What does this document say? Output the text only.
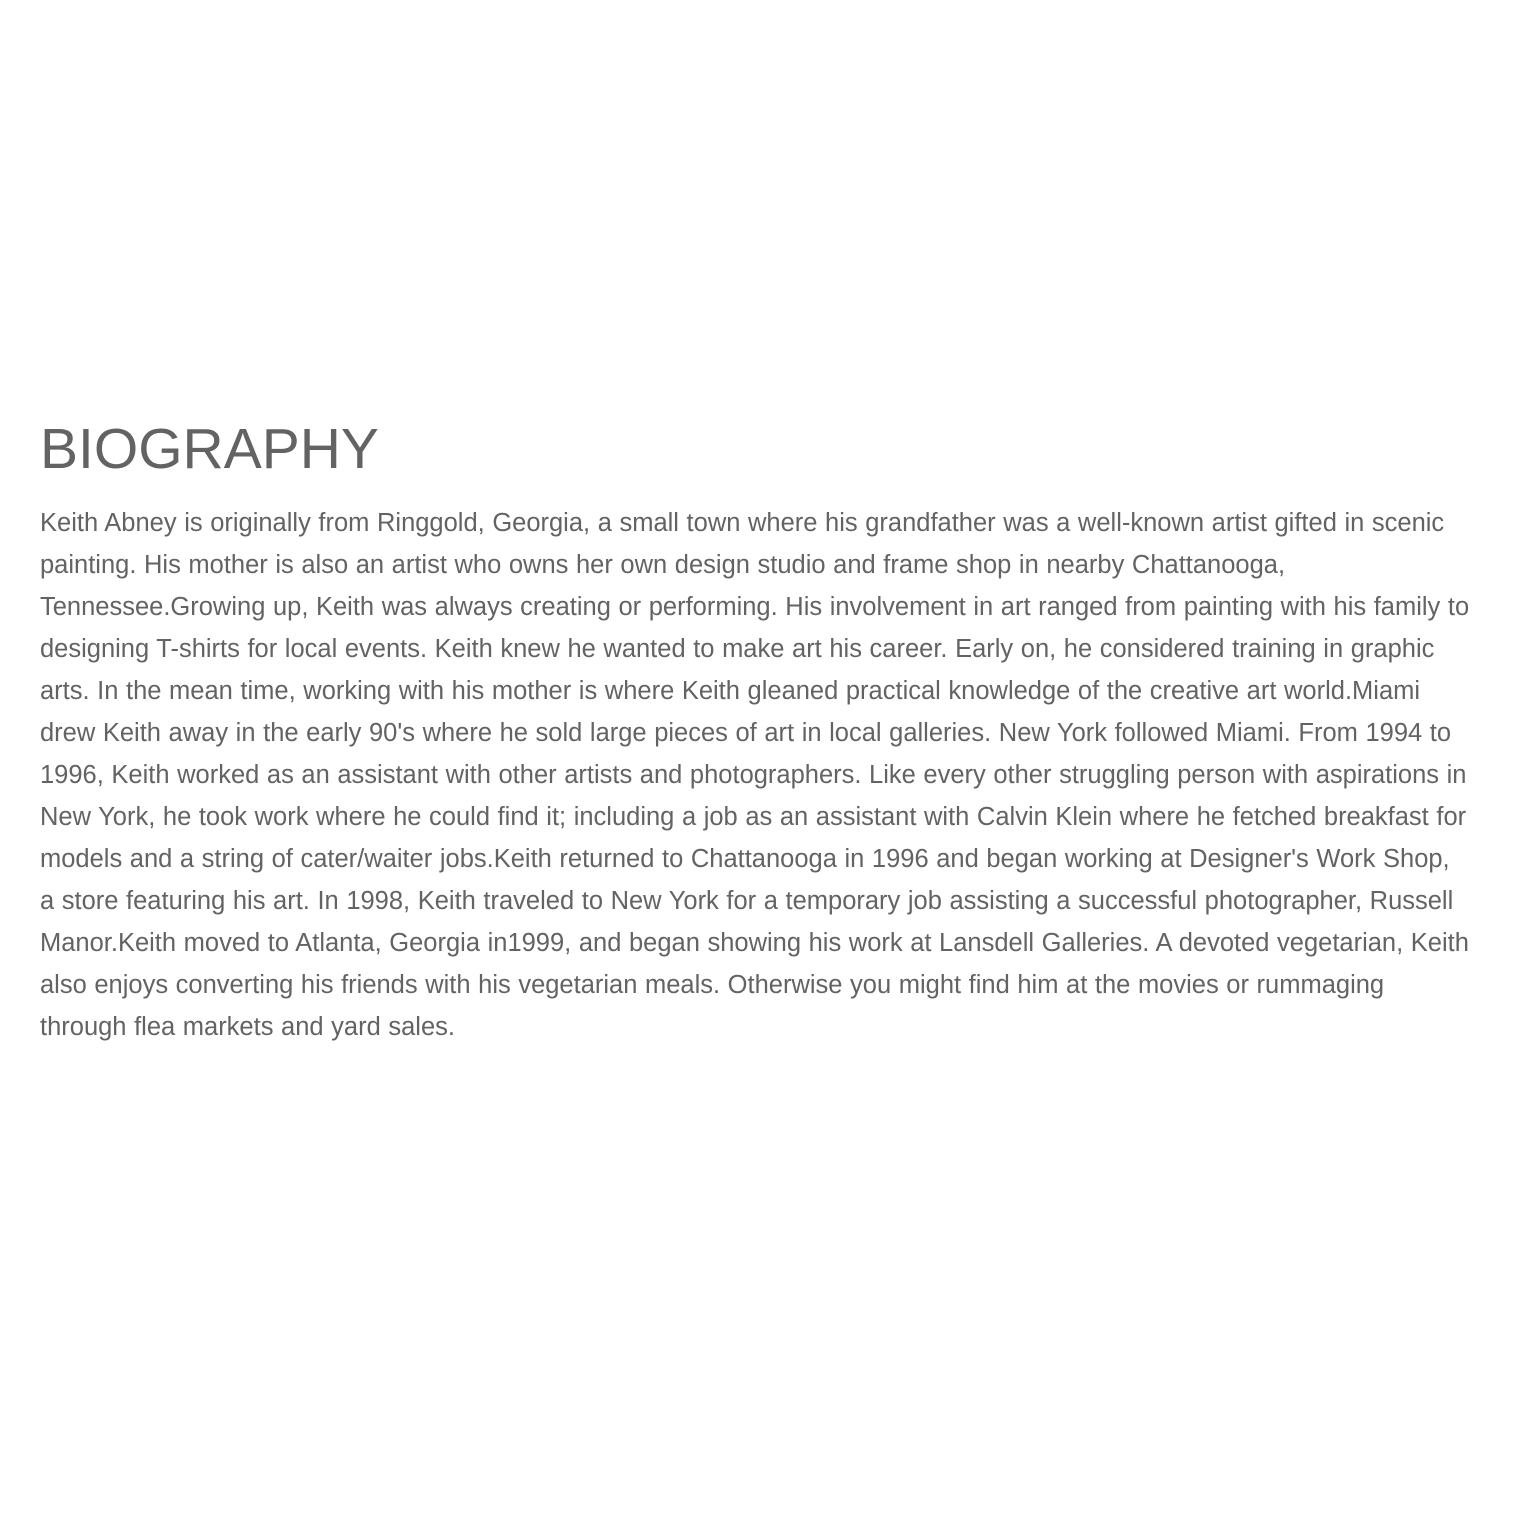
BIOGRAPHY

Keith Abney is originally from Ringgold, Georgia, a small town where his grandfather was a well-known artist gifted in scenic painting. His mother is also an artist who owns her own design studio and frame shop in nearby Chattanooga, Tennessee.Growing up, Keith was always creating or performing. His involvement in art ranged from painting with his family to designing T-shirts for local events. Keith knew he wanted to make art his career. Early on, he considered training in graphic arts. In the mean time, working with his mother is where Keith gleaned practical knowledge of the creative art world.Miami drew Keith away in the early 90's where he sold large pieces of art in local galleries. New York followed Miami. From 1994 to 1996, Keith worked as an assistant with other artists and photographers. Like every other struggling person with aspirations in New York, he took work where he could find it; including a job as an assistant with Calvin Klein where he fetched breakfast for models and a string of cater/waiter jobs.Keith returned to Chattanooga in 1996 and began working at Designer's Work Shop, a store featuring his art. In 1998, Keith traveled to New York for a temporary job assisting a successful photographer, Russell Manor.Keith moved to Atlanta, Georgia in1999, and began showing his work at Lansdell Galleries. A devoted vegetarian, Keith also enjoys converting his friends with his vegetarian meals. Otherwise you might find him at the movies or rummaging through flea markets and yard sales.
